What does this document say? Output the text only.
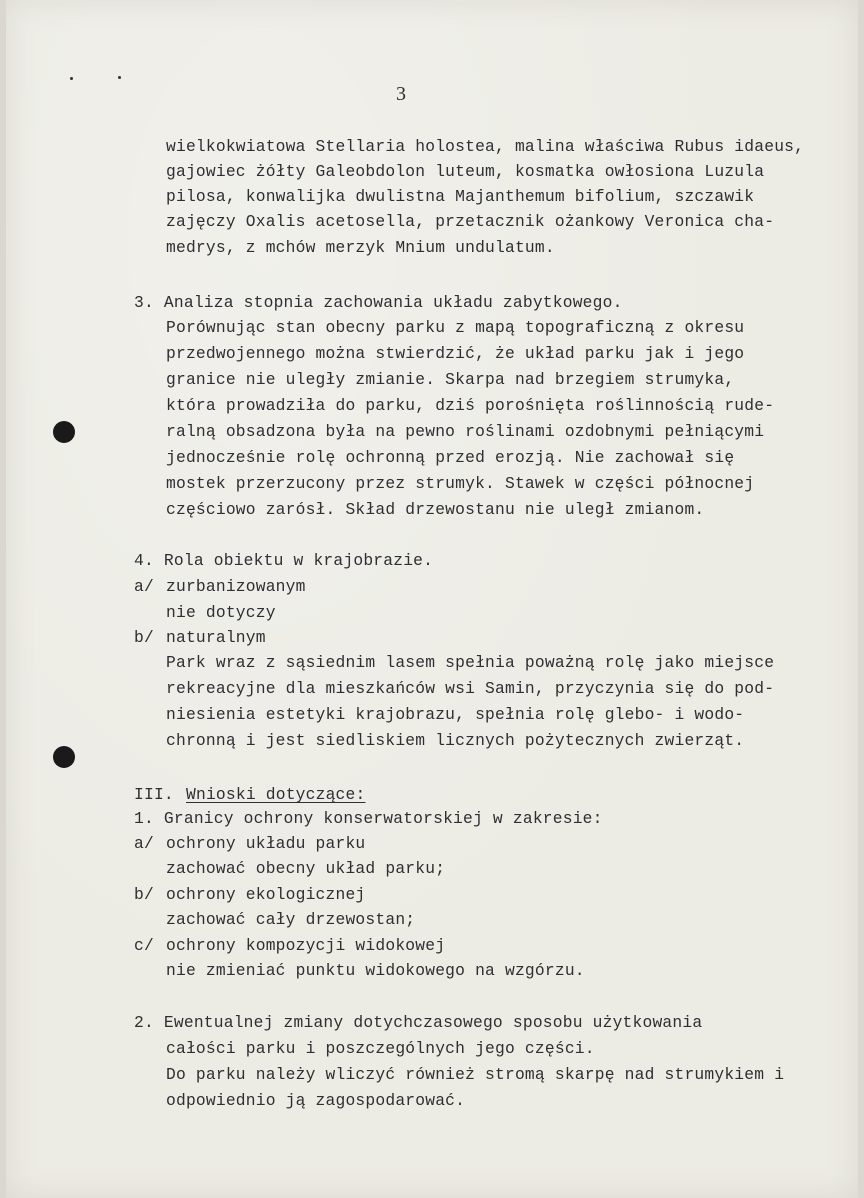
3

wielkokwiatowa Stellaria holostea, malina właściwa Rubus idaeus,

gajowiec żółty Galeobdolon luteum, kosmatka owłosiona Luzula

pilosa, konwalijka dwulistna Majanthemum bifolium, szczawik

zajęczy Oxalis acetosella, przetacznik ożankowy Veronica cha-

medrys, z mchów merzyk Mnium undulatum.

3. Analiza stopnia zachowania układu zabytkowego.

Porównując stan obecny parku z mapą topograficzną z okresu

przedwojennego można stwierdzić, że układ parku jak i jego

granice nie uległy zmianie. Skarpa nad brzegiem strumyka,

która prowadziła do parku, dziś porośnięta roślinnością rude-

ralną obsadzona była na pewno roślinami ozdobnymi pełniącymi

jednocześnie rolę ochronną przed erozją. Nie zachował się

mostek przerzucony przez strumyk. Stawek w części północnej

częściowo zarósł. Skład drzewostanu nie uległ zmianom.

4. Rola obiektu w krajobrazie.

a/ zurbanizowanym

nie dotyczy

b/ naturalnym

Park wraz z sąsiednim lasem spełnia poważną rolę jako miejsce

rekreacyjne dla mieszkańców wsi Samin, przyczynia się do pod-

niesienia estetyki krajobrazu, spełnia rolę glebo- i wodo-

chronną i jest siedliskiem licznych pożytecznych zwierząt.

III. Wnioski dotyczące:

1. Granicy ochrony konserwatorskiej w zakresie:

a/ ochrony układu parku

zachować obecny układ parku;

b/ ochrony ekologicznej

zachować cały drzewostan;

c/ ochrony kompozycji widokowej

nie zmieniać punktu widokowego na wzgórzu.

2. Ewentualnej zmiany dotychczasowego sposobu użytkowania

całości parku i poszczególnych jego części.

Do parku należy wliczyć również stromą skarpę nad strumykiem i

odpowiednio ją zagospodarować.
